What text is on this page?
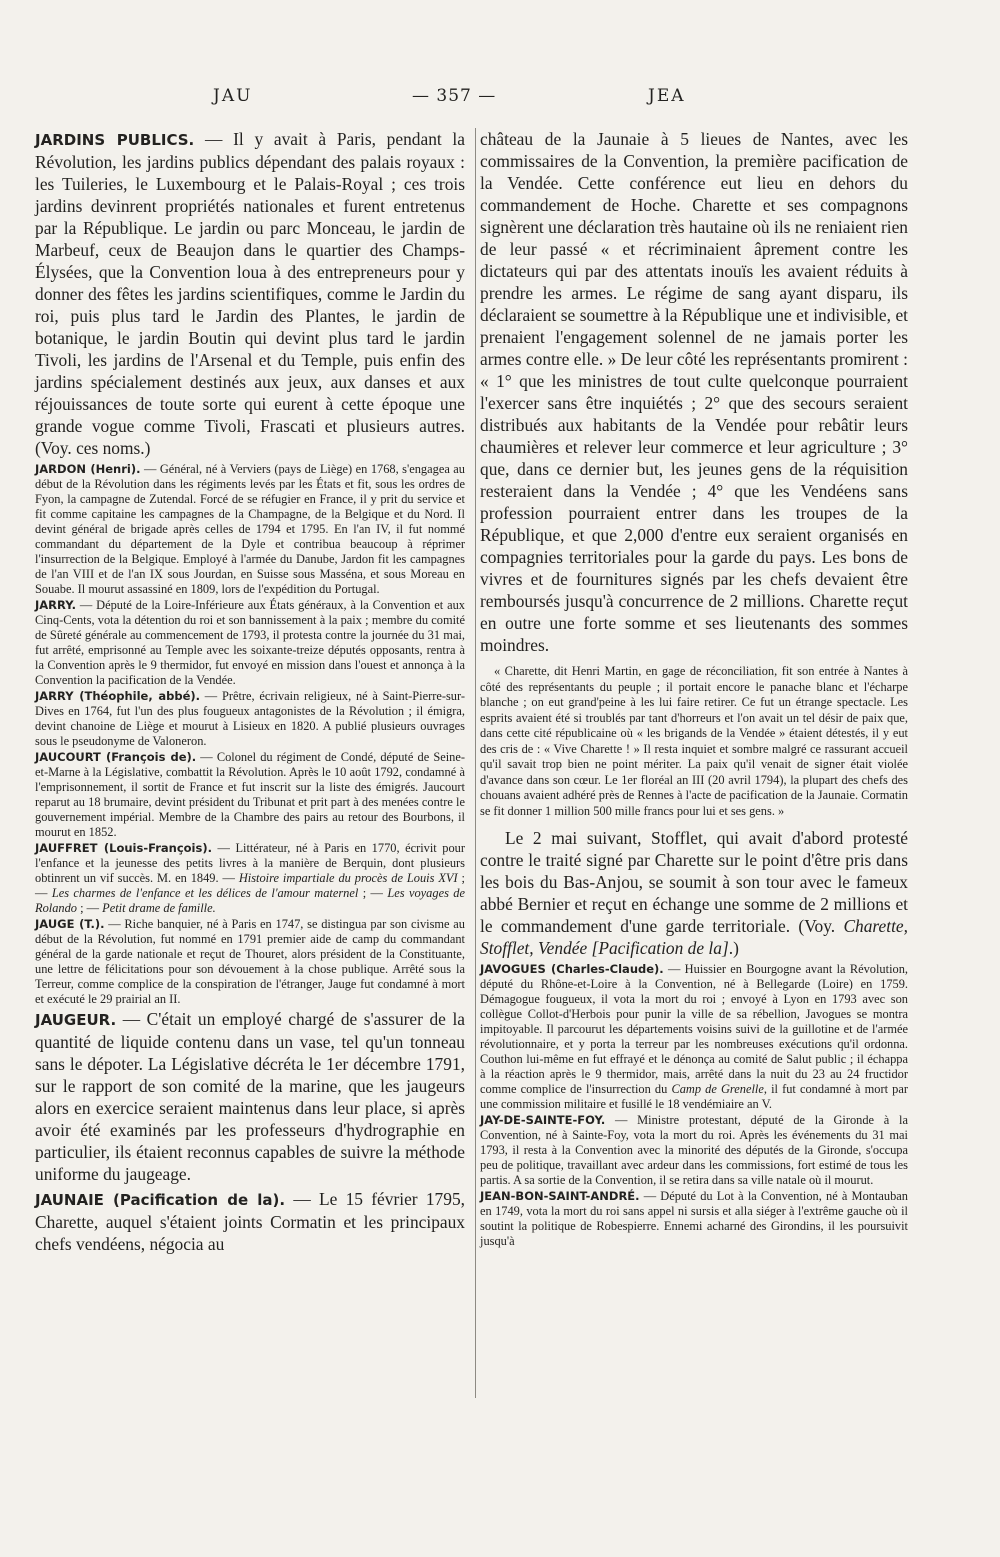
JAU	— 357 —	JEA

JARDINS PUBLICS. — Il y avait à Paris, pendant la Révolution, les jardins publics dépendant des palais royaux : les Tuileries, le Luxembourg et le Palais-Royal ; ces trois jardins devinrent propriétés nationales et furent entretenus par la République. Le jardin ou parc Monceau, le jardin de Marbeuf, ceux de Beaujon dans le quartier des Champs-Élysées, que la Convention loua à des entrepreneurs pour y donner des fêtes les jardins scientifiques, comme le Jardin du roi, puis plus tard le Jardin des Plantes, le jardin de botanique, le jardin Boutin qui devint plus tard le jardin Tivoli, les jardins de l'Arsenal et du Temple, puis enfin des jardins spécialement destinés aux jeux, aux danses et aux réjouissances de toute sorte qui eurent à cette époque une grande vogue comme Tivoli, Frascati et plusieurs autres. (Voy. ces noms.)

JARDON (Henri). — Général, né à Verviers (pays de Liège) en 1768, s'engagea au début de la Révolution dans les régiments levés par les États et fit, sous les ordres de Fyon, la campagne de Zutendal. Forcé de se réfugier en France, il y prit du service et fit comme capitaine les campagnes de la Champagne, de la Belgique et du Nord. Il devint général de brigade après celles de 1794 et 1795. En l'an IV, il fut nommé commandant du département de la Dyle et contribua beaucoup à réprimer l'insurrection de la Belgique. Employé à l'armée du Danube, Jardon fit les campagnes de l'an VIII et de l'an IX sous Jourdan, en Suisse sous Masséna, et sous Moreau en Souabe. Il mourut assassiné en 1809, lors de l'expédition du Portugal.

JARRY. — Député de la Loire-Inférieure aux États généraux, à la Convention et aux Cinq-Cents, vota la détention du roi et son bannissement à la paix ; membre du comité de Sûreté générale au commencement de 1793, il protesta contre la journée du 31 mai, fut arrêté, emprisonné au Temple avec les soixante-treize députés opposants, rentra à la Convention après le 9 thermidor, fut envoyé en mission dans l'ouest et annonça à la Convention la pacification de la Vendée.

JARRY (Théophile, abbé). — Prêtre, écrivain religieux, né à Saint-Pierre-sur-Dives en 1764, fut l'un des plus fougueux antagonistes de la Révolution ; il émigra, devint chanoine de Liège et mourut à Lisieux en 1820. A publié plusieurs ouvrages sous le pseudonyme de Valoneron.

JAUCOURT (François de). — Colonel du régiment de Condé, député de Seine-et-Marne à la Législative, combattit la Révolution. Après le 10 août 1792, condamné à l'emprisonnement, il sortit de France et fut inscrit sur la liste des émigrés. Jaucourt reparut au 18 brumaire, devint président du Tribunat et prit part à des menées contre le gouvernement impérial. Membre de la Chambre des pairs au retour des Bourbons, il mourut en 1852.

JAUFFRET (Louis-François). — Littérateur, né à Paris en 1770, écrivit pour l'enfance et la jeunesse des petits livres à la manière de Berquin, dont plusieurs obtinrent un vif succès. M. en 1849. — Histoire impartiale du procès de Louis XVI ; — Les charmes de l'enfance et les délices de l'amour maternel ; — Les voyages de Rolando ; — Petit drame de famille.

JAUGE (T.). — Riche banquier, né à Paris en 1747, se distingua par son civisme au début de la Révolution, fut nommé en 1791 premier aide de camp du commandant général de la garde nationale et reçut de Thouret, alors président de la Constituante, une lettre de félicitations pour son dévouement à la chose publique. Arrêté sous la Terreur, comme complice de la conspiration de l'étranger, Jauge fut condamné à mort et exécuté le 29 prairial an II.

JAUGEUR. — C'était un employé chargé de s'assurer de la quantité de liquide contenu dans un vase, tel qu'un tonneau sans le dépoter. La Législative décréta le 1er décembre 1791, sur le rapport de son comité de la marine, que les jaugeurs alors en exercice seraient maintenus dans leur place, si après avoir été examinés par les professeurs d'hydrographie en particulier, ils étaient reconnus capables de suivre la méthode uniforme du jaugeage.

JAUNAIE (Pacification de la). — Le 15 février 1795, Charette, auquel s'étaient joints Cormatin et les principaux chefs vendéens, négocia au

château de la Jaunaie à 5 lieues de Nantes, avec les commissaires de la Convention, la première pacification de la Vendée. Cette conférence eut lieu en dehors du commandement de Hoche. Charette et ses compagnons signèrent une déclaration très hautaine où ils ne reniaient rien de leur passé « et récriminaient âprement contre les dictateurs qui par des attentats inouïs les avaient réduits à prendre les armes. Le régime de sang ayant disparu, ils déclaraient se soumettre à la République une et indivisible, et prenaient l'engagement solennel de ne jamais porter les armes contre elle. » De leur côté les représentants promirent : « 1° que les ministres de tout culte quelconque pourraient l'exercer sans être inquiétés ; 2° que des secours seraient distribués aux habitants de la Vendée pour rebâtir leurs chaumières et relever leur commerce et leur agriculture ; 3° que, dans ce dernier but, les jeunes gens de la réquisition resteraient dans la Vendée ; 4° que les Vendéens sans profession pourraient entrer dans les troupes de la République, et que 2,000 d'entre eux seraient organisés en compagnies territoriales pour la garde du pays. Les bons de vivres et de fournitures signés par les chefs devaient être remboursés jusqu'à concurrence de 2 millions. Charette reçut en outre une forte somme et ses lieutenants des sommes moindres.

« Charette, dit Henri Martin, en gage de réconciliation, fit son entrée à Nantes à côté des représentants du peuple ; il portait encore le panache blanc et l'écharpe blanche ; on eut grand'peine à les lui faire retirer. Ce fut un étrange spectacle. Les esprits avaient été si troublés par tant d'horreurs et l'on avait un tel désir de paix que, dans cette cité républicaine où « les brigands de la Vendée » étaient détestés, il y eut des cris de : « Vive Charette ! » Il resta inquiet et sombre malgré ce rassurant accueil qu'il savait trop bien ne point mériter. La paix qu'il venait de signer était violée d'avance dans son cœur. Le 1er floréal an III (20 avril 1794), la plupart des chefs des chouans avaient adhéré près de Rennes à l'acte de pacification de la Jaunaie. Cormatin se fit donner 1 million 500 mille francs pour lui et ses gens. »

Le 2 mai suivant, Stofflet, qui avait d'abord protesté contre le traité signé par Charette sur le point d'être pris dans les bois du Bas-Anjou, se soumit à son tour avec le fameux abbé Bernier et reçut en échange une somme de 2 millions et le commandement d'une garde territoriale. (Voy. Charette, Stofflet, Vendée [Pacification de la].)

JAVOGUES (Charles-Claude). — Huissier en Bourgogne avant la Révolution, député du Rhône-et-Loire à la Convention, né à Bellegarde (Loire) en 1759. Démagogue fougueux, il vota la mort du roi ; envoyé à Lyon en 1793 avec son collègue Collot-d'Herbois pour punir la ville de sa rébellion, Javogues se montra impitoyable. Il parcourut les départements voisins suivi de la guillotine et de l'armée révolutionnaire, et y porta la terreur par les nombreuses exécutions qu'il ordonna. Couthon lui-même en fut effrayé et le dénonça au comité de Salut public ; il échappa à la réaction après le 9 thermidor, mais, arrêté dans la nuit du 23 au 24 fructidor comme complice de l'insurrection du Camp de Grenelle, il fut condamné à mort par une commission militaire et fusillé le 18 vendémiaire an V.

JAY-DE-SAINTE-FOY. — Ministre protestant, député de la Gironde à la Convention, né à Sainte-Foy, vota la mort du roi. Après les événements du 31 mai 1793, il resta à la Convention avec la minorité des députés de la Gironde, s'occupa peu de politique, travaillant avec ardeur dans les commissions, fort estimé de tous les partis. A sa sortie de la Convention, il se retira dans sa ville natale où il mourut.

JEAN-BON-SAINT-ANDRÉ. — Député du Lot à la Convention, né à Montauban en 1749, vota la mort du roi sans appel ni sursis et alla siéger à l'extrême gauche où il soutint la politique de Robespierre. Ennemi acharné des Girondins, il les poursuivit jusqu'à
